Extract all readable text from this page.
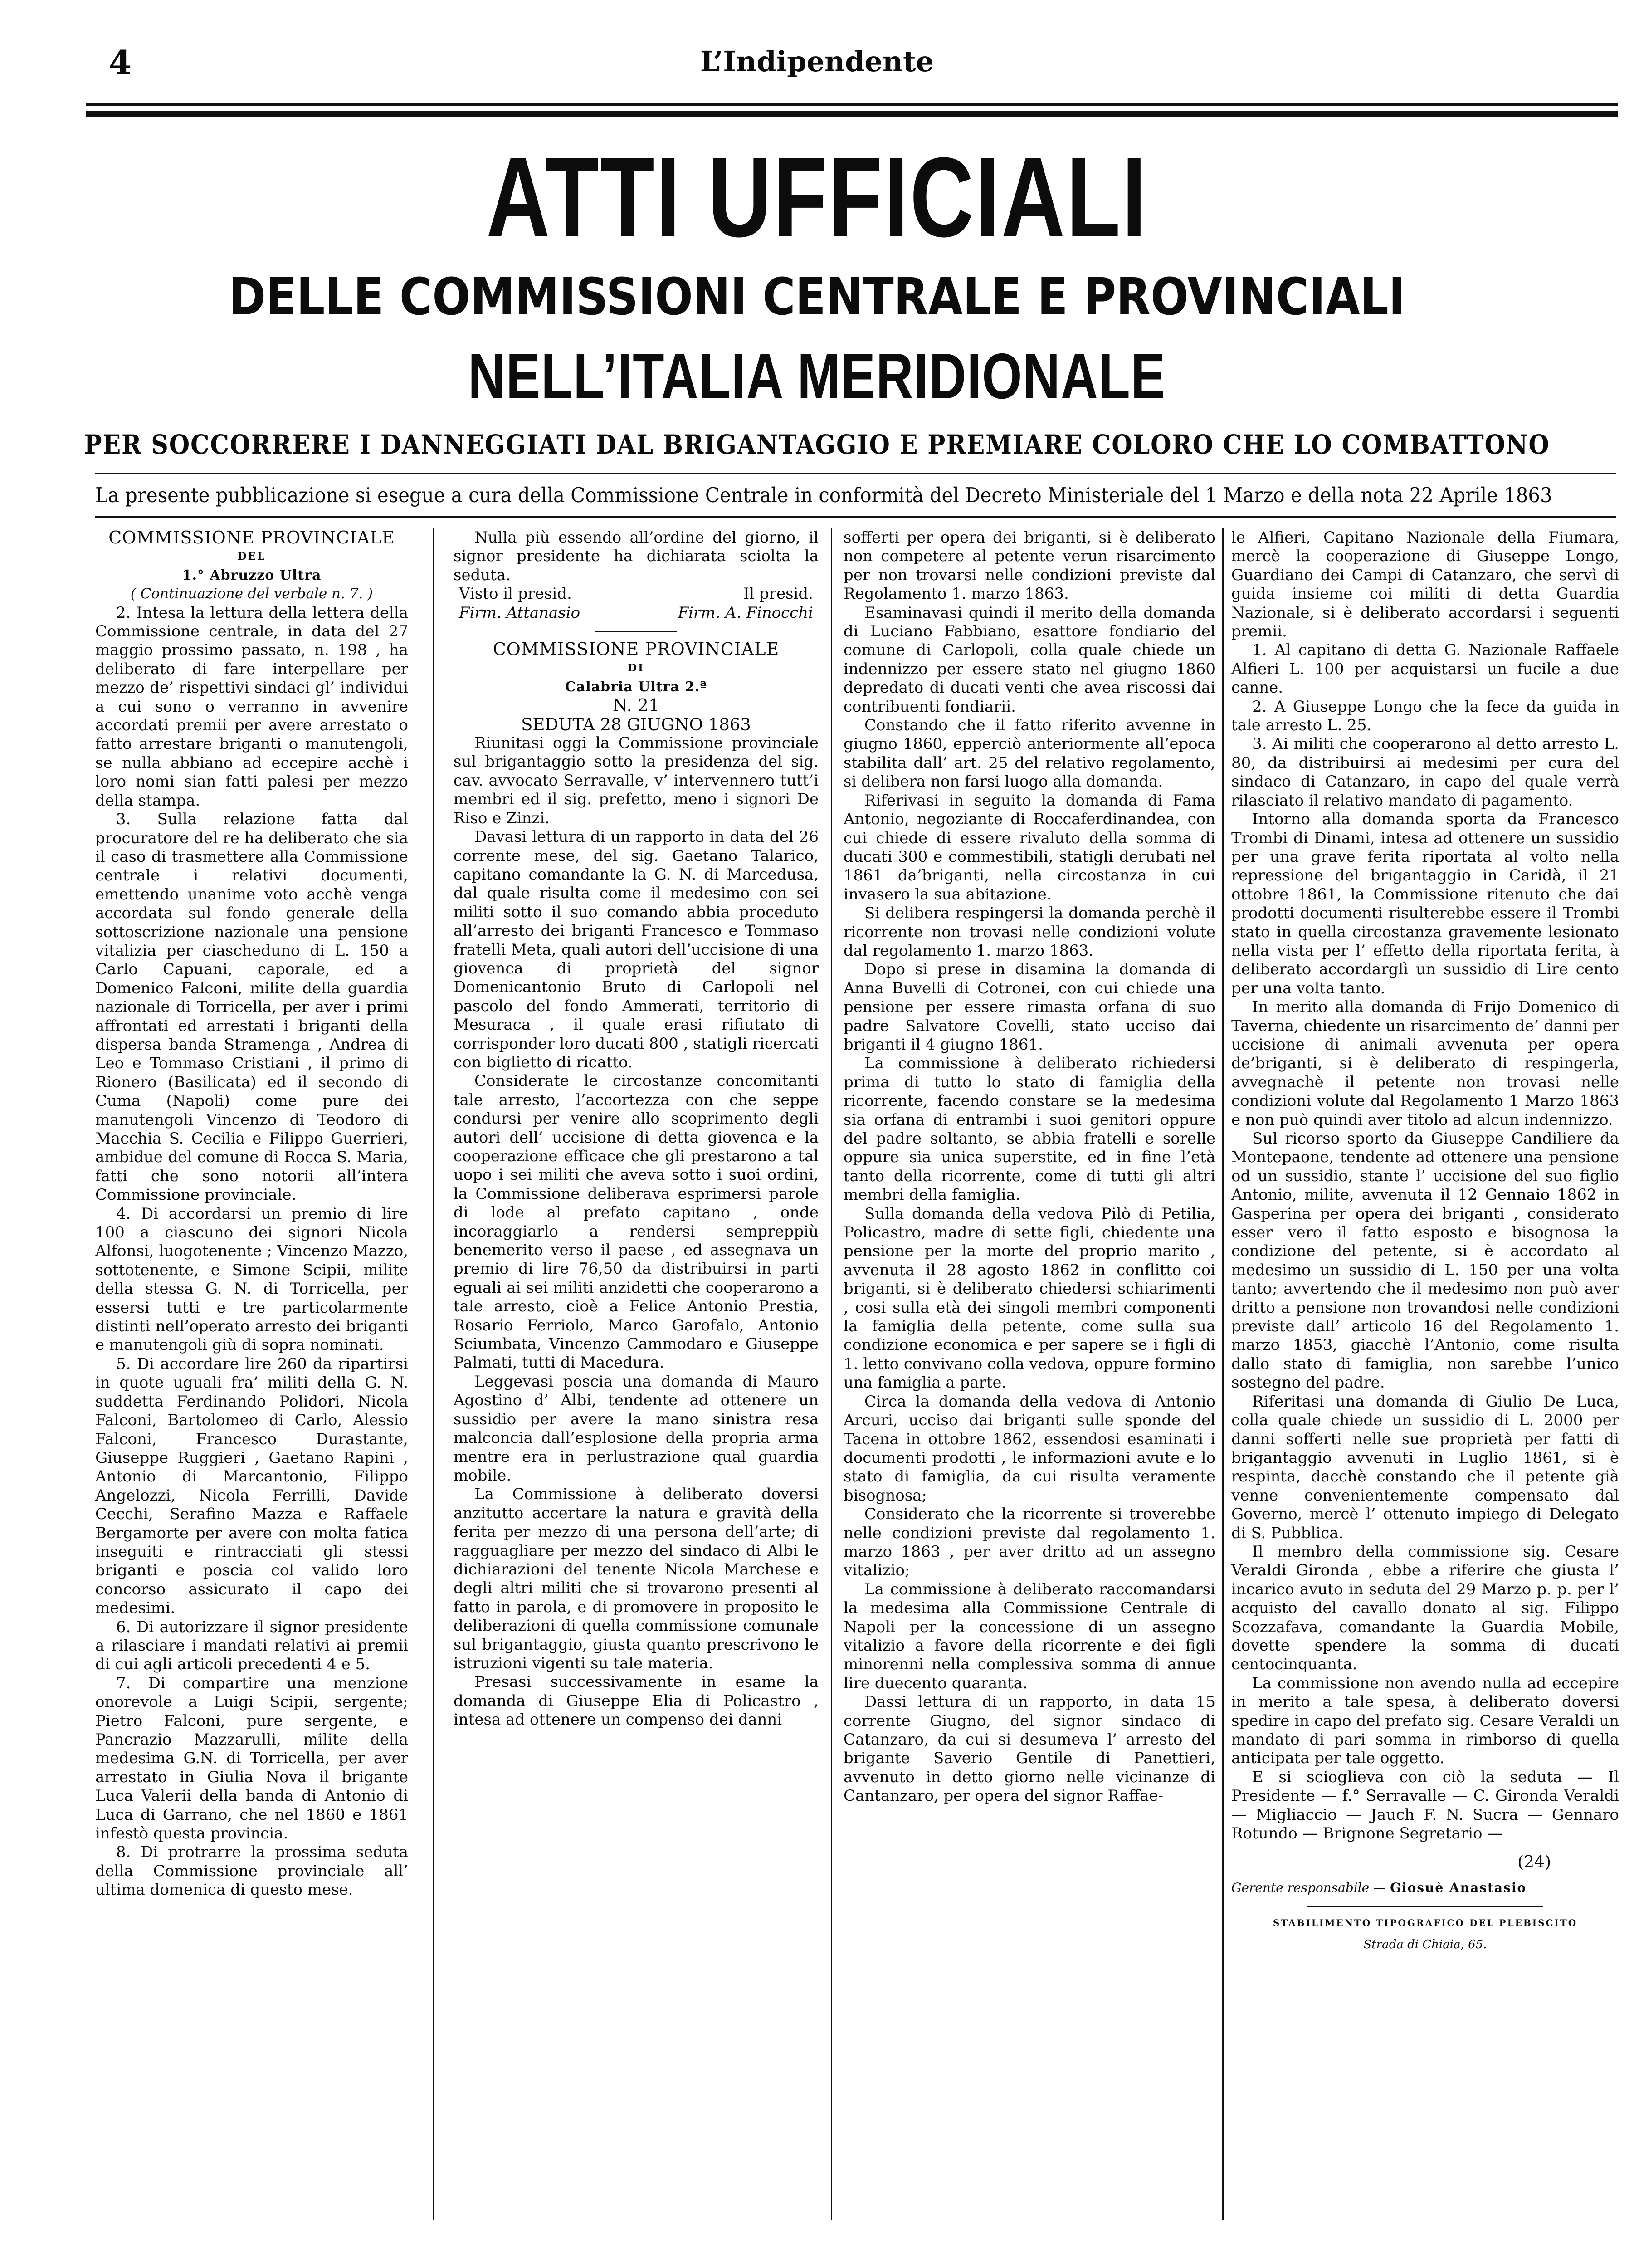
4	L’Indipendente
ATTI UFFICIALI
DELLE COMMISSIONI CENTRALE E PROVINCIALI
NELL’ITALIA MERIDIONALE
PER SOCCORRERE I DANNEGGIATI DAL BRIGANTAGGIO E PREMIARE COLORO CHE LO COMBATTONO
La presente pubblicazione si esegue a cura della Commissione Centrale in conformità del Decreto Ministeriale del 1 Marzo e della nota 22 Aprile 1863

COMMISSIONE PROVINCIALE

DEL

1.° Abruzzo Ultra

( Continuazione del verbale n. 7. )

2. Intesa la lettura della lettera della Commissione centrale, in data del 27 maggio prossimo passato, n. 198 , ha deliberato di fare interpellare per mezzo de’ rispettivi sindaci gl’ individui a cui sono o verranno in avvenire accordati premii per avere arrestato o fatto arrestare briganti o manutengoli, se nulla abbiano ad eccepire acchè i loro nomi sian fatti palesi per mezzo della stampa.

3. Sulla relazione fatta dal procuratore del re ha deliberato che sia il caso di trasmettere alla Commissione centrale i relativi documenti, emettendo unanime voto acchè venga accordata sul fondo generale della sottoscrizione nazionale una pensione vitalizia per ciascheduno di L. 150 a Carlo Capuani, caporale, ed a Domenico Falconi, milite della guardia nazionale di Torricella, per aver i primi affrontati ed arrestati i briganti della dispersa banda Stramenga , Andrea di Leo e Tommaso Cristiani , il primo di Rionero (Basilicata) ed il secondo di Cuma (Napoli) come pure dei manutengoli Vincenzo di Teodoro di Macchia S. Cecilia e Filippo Guerrieri, ambidue del comune di Rocca S. Maria, fatti che sono notorii all’intera Commissione provinciale.

4. Di accordarsi un premio di lire 100 a ciascuno dei signori Nicola Alfonsi, luogotenente ; Vincenzo Mazzo, sottotenente, e Simone Scipii, milite della stessa G. N. di Torricella, per essersi tutti e tre particolarmente distinti nell’operato arresto dei briganti e manutengoli giù di sopra nominati.

5. Di accordare lire 260 da ripartirsi in quote uguali fra’ militi della G. N. suddetta Ferdinando Polidori, Nicola Falconi, Bartolomeo di Carlo, Alessio Falconi, Francesco Durastante, Giuseppe Ruggieri , Gaetano Rapini , Antonio di Marcantonio, Filippo Angelozzi, Nicola Ferrilli, Davide Cecchi, Serafino Mazza e Raffaele Bergamorte per avere con molta fatica inseguiti e rintracciati gli stessi briganti e poscia col valido loro concorso assicurato il capo dei medesimi.

6. Di autorizzare il signor presidente a rilasciare i mandati relativi ai premii di cui agli articoli precedenti 4 e 5.

7. Di compartire una menzione onorevole a Luigi Scipii, sergente; Pietro Falconi, pure sergente, e Pancrazio Mazzarulli, milite della medesima G.N. di Torricella, per aver arrestato in Giulia Nova il brigante Luca Valerii della banda di Antonio di Luca di Garrano, che nel 1860 e 1861 infestò questa provincia.

8. Di protrarre la prossima seduta della Commissione provinciale all’ ultima domenica di questo mese.

Nulla più essendo all’ordine del giorno, il signor presidente ha dichiarata sciolta la seduta.

Visto il presid.	Il presid.
Firm. Attanasio	Firm. A. Finocchi

COMMISSIONE PROVINCIALE

DI

Calabria Ultra 2.ª

N. 21

SEDUTA 28 GIUGNO 1863

Riunitasi oggi la Commissione provinciale sul brigantaggio sotto la presidenza del sig. cav. avvocato Serravalle, v’ intervennero tutt’i membri ed il sig. prefetto, meno i signori De Riso e Zinzi.

Davasi lettura di un rapporto in data del 26 corrente mese, del sig. Gaetano Talarico, capitano comandante la G. N. di Marcedusa, dal quale risulta come il medesimo con sei militi sotto il suo comando abbia proceduto all’arresto dei briganti Francesco e Tommaso fratelli Meta, quali autori dell’uccisione di una giovenca di proprietà del signor Domenicantonio Bruto di Carlopoli nel pascolo del fondo Ammerati, territorio di Mesuraca , il quale erasi rifiutato di corrisponder loro ducati 800 , statigli ricercati con biglietto di ricatto.

Considerate le circostanze concomitanti tale arresto, l’accortezza con che seppe condursi per venire allo scoprimento degli autori dell’ uccisione di detta giovenca e la cooperazione efficace che gli prestarono a tal uopo i sei militi che aveva sotto i suoi ordini, la Commissione deliberava esprimersi parole di lode al prefato capitano , onde incoraggiarlo a rendersi sempreppiù benemerito verso il paese , ed assegnava un premio di lire 76,50 da distribuirsi in parti eguali ai sei militi anzidetti che cooperarono a tale arresto, cioè a Felice Antonio Prestia, Rosario Ferriolo, Marco Garofalo, Antonio Sciumbata, Vincenzo Cammodaro e Giuseppe Palmati, tutti di Macedura.

Leggevasi poscia una domanda di Mauro Agostino d’ Albi, tendente ad ottenere un sussidio per avere la mano sinistra resa malconcia dall’esplosione della propria arma mentre era in perlustrazione qual guardia mobile.

La Commissione à deliberato doversi anzitutto accertare la natura e gravità della ferita per mezzo di una persona dell’arte; di ragguagliare per mezzo del sindaco di Albi le dichiarazioni del tenente Nicola Marchese e degli altri militi che si trovarono presenti al fatto in parola, e di promovere in proposito le deliberazioni di quella commissione comunale sul brigantaggio, giusta quanto prescrivono le istruzioni vigenti su tale materia.

Presasi successivamente in esame la domanda di Giuseppe Elia di Policastro , intesa ad ottenere un compenso dei danni

sofferti per opera dei briganti, si è deliberato non competere al petente verun risarcimento per non trovarsi nelle condizioni previste dal Regolamento 1. marzo 1863.

Esaminavasi quindi il merito della domanda di Luciano Fabbiano, esattore fondiario del comune di Carlopoli, colla quale chiede un indennizzo per essere stato nel giugno 1860 depredato di ducati venti che avea riscossi dai contribuenti fondiarii.

Constando che il fatto riferito avvenne in giugno 1860, epperciò anteriormente all’epoca stabilita dall’ art. 25 del relativo regolamento, si delibera non farsi luogo alla domanda.

Riferivasi in seguito la domanda di Fama Antonio, negoziante di Roccaferdinandea, con cui chiede di essere rivaluto della somma di ducati 300 e commestibili, statigli derubati nel 1861 da’briganti, nella circostanza in cui invasero la sua abitazione.

Si delibera respingersi la domanda perchè il ricorrente non trovasi nelle condizioni volute dal regolamento 1. marzo 1863.

Dopo si prese in disamina la domanda di Anna Buvelli di Cotronei, con cui chiede una pensione per essere rimasta orfana di suo padre Salvatore Covelli, stato ucciso dai briganti il 4 giugno 1861.

La commissione à deliberato richiedersi prima di tutto lo stato di famiglia della ricorrente, facendo constare se la medesima sia orfana di entrambi i suoi genitori oppure del padre soltanto, se abbia fratelli e sorelle oppure sia unica superstite, ed in fine l’età tanto della ricorrente, come di tutti gli altri membri della famiglia.

Sulla domanda della vedova Pilò di Petilia, Policastro, madre di sette figli, chiedente una pensione per la morte del proprio marito , avvenuta il 28 agosto 1862 in conflitto coi briganti, si è deliberato chiedersi schiarimenti , cosi sulla età dei singoli membri componenti la famiglia della petente, come sulla sua condizione economica e per sapere se i figli di 1. letto convivano colla vedova, oppure formino una famiglia a parte.

Circa la domanda della vedova di Antonio Arcuri, ucciso dai briganti sulle sponde del Tacena in ottobre 1862, essendosi esaminati i documenti prodotti , le informazioni avute e lo stato di famiglia, da cui risulta veramente bisognosa;

Considerato che la ricorrente si troverebbe nelle condizioni previste dal regolamento 1. marzo 1863 , per aver dritto ad un assegno vitalizio;

La commissione à deliberato raccomandarsi la medesima alla Commissione Centrale di Napoli per la concessione di un assegno vitalizio a favore della ricorrente e dei figli minorenni nella complessiva somma di annue lire duecento quaranta.

Dassi lettura di un rapporto, in data 15 corrente Giugno, del signor sindaco di Catanzaro, da cui si desumeva l’ arresto del brigante Saverio Gentile di Panettieri, avvenuto in detto giorno nelle vicinanze di Cantanzaro, per opera del signor Raffae-

le Alfieri, Capitano Nazionale della Fiumara, mercè la cooperazione di Giuseppe Longo, Guardiano dei Campi di Catanzaro, che servì di guida insieme coi militi di detta Guardia Nazionale, si è deliberato accordarsi i seguenti premii.

1. Al capitano di detta G. Nazionale Raffaele Alfieri L. 100 per acquistarsi un fucile a due canne.

2. A Giuseppe Longo che la fece da guida in tale arresto L. 25.

3. Ai militi che cooperarono al detto arresto L. 80, da distribuirsi ai medesimi per cura del sindaco di Catanzaro, in capo del quale verrà rilasciato il relativo mandato di pagamento.

Intorno alla domanda sporta da Francesco Trombi di Dinami, intesa ad ottenere un sussidio per una grave ferita riportata al volto nella repressione del brigantaggio in Caridà, il 21 ottobre 1861, la Commissione ritenuto che dai prodotti documenti risulterebbe essere il Trombi stato in quella circostanza gravemente lesionato nella vista per l’ effetto della riportata ferita, à deliberato accordarglì un sussidio di Lire cento per una volta tanto.

In merito alla domanda di Frijo Domenico di Taverna, chiedente un risarcimento de’ danni per uccisione di animali avvenuta per opera de’briganti, si è deliberato di respingerla, avvegnachè il petente non trovasi nelle condizioni volute dal Regolamento 1 Marzo 1863 e non può quindi aver titolo ad alcun indennizzo.

Sul ricorso sporto da Giuseppe Candiliere da Montepaone, tendente ad ottenere una pensione od un sussidio, stante l’ uccisione del suo figlio Antonio, milite, avvenuta il 12 Gennaio 1862 in Gasperina per opera dei briganti , considerato esser vero il fatto esposto e bisognosa la condizione del petente, si è accordato al medesimo un sussidio di L. 150 per una volta tanto; avvertendo che il medesimo non può aver dritto a pensione non trovandosi nelle condizioni previste dall’ articolo 16 del Regolamento 1. marzo 1853, giacchè l’Antonio, come risulta dallo stato di famiglia, non sarebbe l’unico sostegno del padre.

Riferitasi una domanda di Giulio De Luca, colla quale chiede un sussidio di L. 2000 per danni sofferti nelle sue proprietà per fatti di brigantaggio avvenuti in Luglio 1861, si è respinta, dacchè constando che il petente già venne convenientemente compensato dal Governo, mercè l’ ottenuto impiego di Delegato di S. Pubblica.

Il membro della commissione sig. Cesare Veraldi Gironda , ebbe a riferire che giusta l’ incarico avuto in seduta del 29 Marzo p. p. per l’ acquisto del cavallo donato al sig. Filippo Scozzafava, comandante la Guardia Mobile, dovette spendere la somma di ducati centocinquanta.

La commissione non avendo nulla ad eccepire in merito a tale spesa, à deliberato doversi spedire in capo del prefato sig. Cesare Veraldi un mandato di pari somma in rimborso di quella anticipata per tale oggetto.

E si scioglieva con ciò la seduta — Il Presidente — f.° Serravalle — C. Gironda Veraldi — Migliaccio — Jauch F. N. Sucra — Gennaro Rotundo — Brignone Segretario —

(24)
Gerente responsabile — Giosuè Anastasio
STABILIMENTO TIPOGRAFICO DEL PLEBISCITO
Strada di Chiaia, 65.
